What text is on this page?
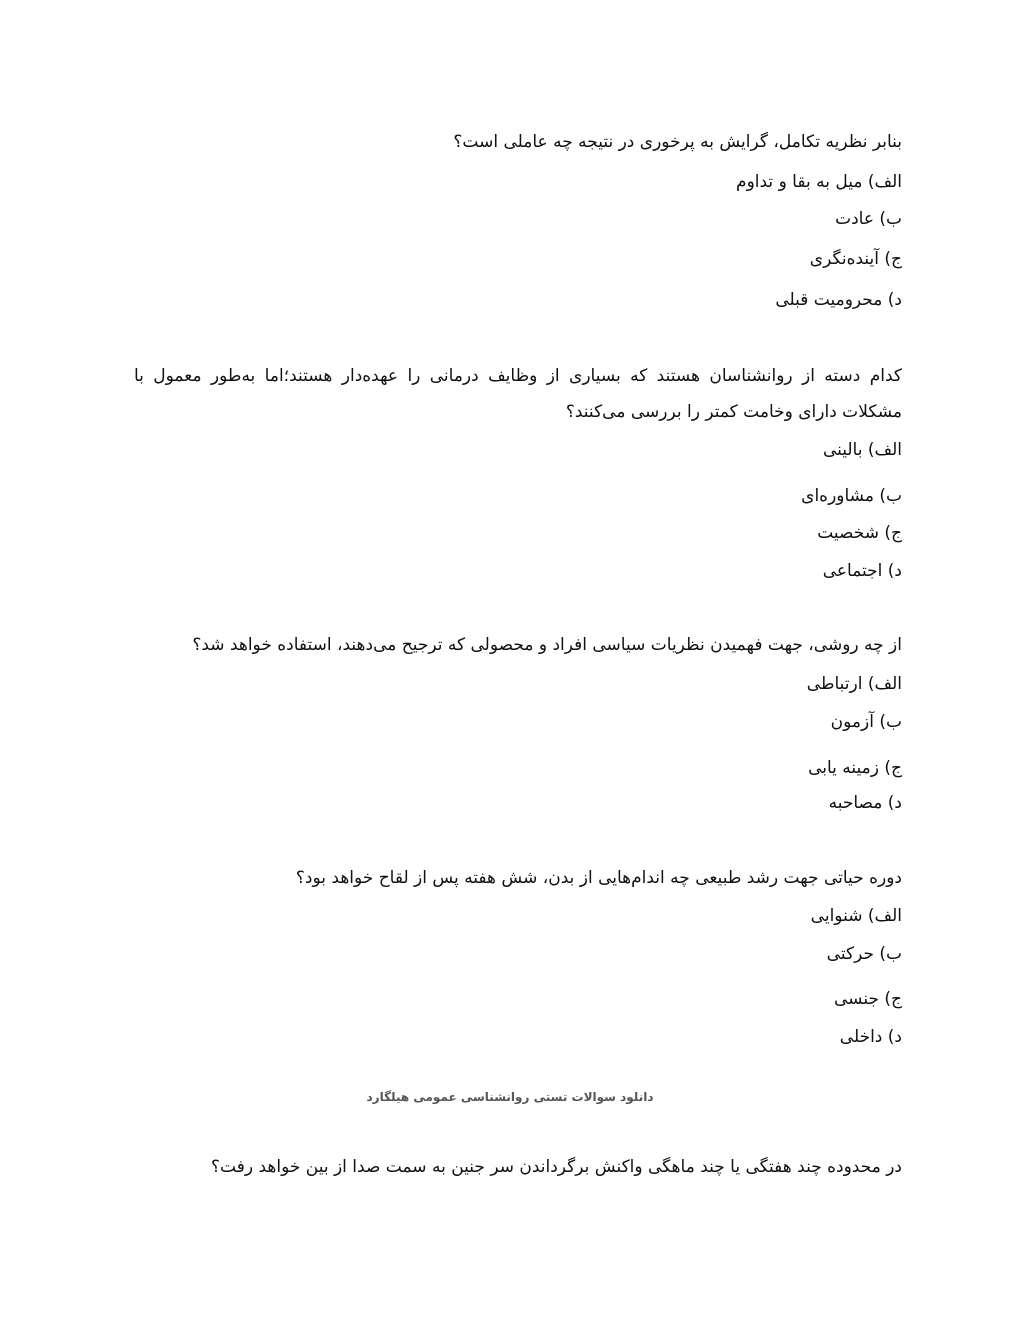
بنابر نظریه تکامل، گرایش به پرخوری در نتیجه چه عاملی است؟
الف) میل به بقا و تداوم
ب) عادت
ج) آینده‌نگری
د) محرومیت قبلی
کدام دسته از روانشناسان هستند که بسیاری از وظایف درمانی را عهده‌دار هستند؛اما به‌طور معمول با مشکلات دارای وخامت کمتر را بررسی می‌کنند؟
الف) بالینی
ب) مشاوره‌ای
ج) شخصیت
د) اجتماعی
از چه روشی، جهت فهمیدن نظریات سیاسی افراد و محصولی که ترجیح می‌دهند، استفاده خواهد شد؟
الف) ارتباطی
ب) آزمون
ج) زمینه یابی
د) مصاحبه
دوره حیاتی جهت رشد طبیعی چه اندام‌هایی از بدن، شش هفته پس از لقاح خواهد بود؟
الف) شنوایی
ب) حرکتی
ج) جنسی
د) داخلی
دانلود سوالات تستی روانشناسی عمومی هیلگارد
در محدوده چند هفتگی یا چند ماهگی واکنش برگرداندن سر جنین به سمت صدا از بین خواهد رفت؟
